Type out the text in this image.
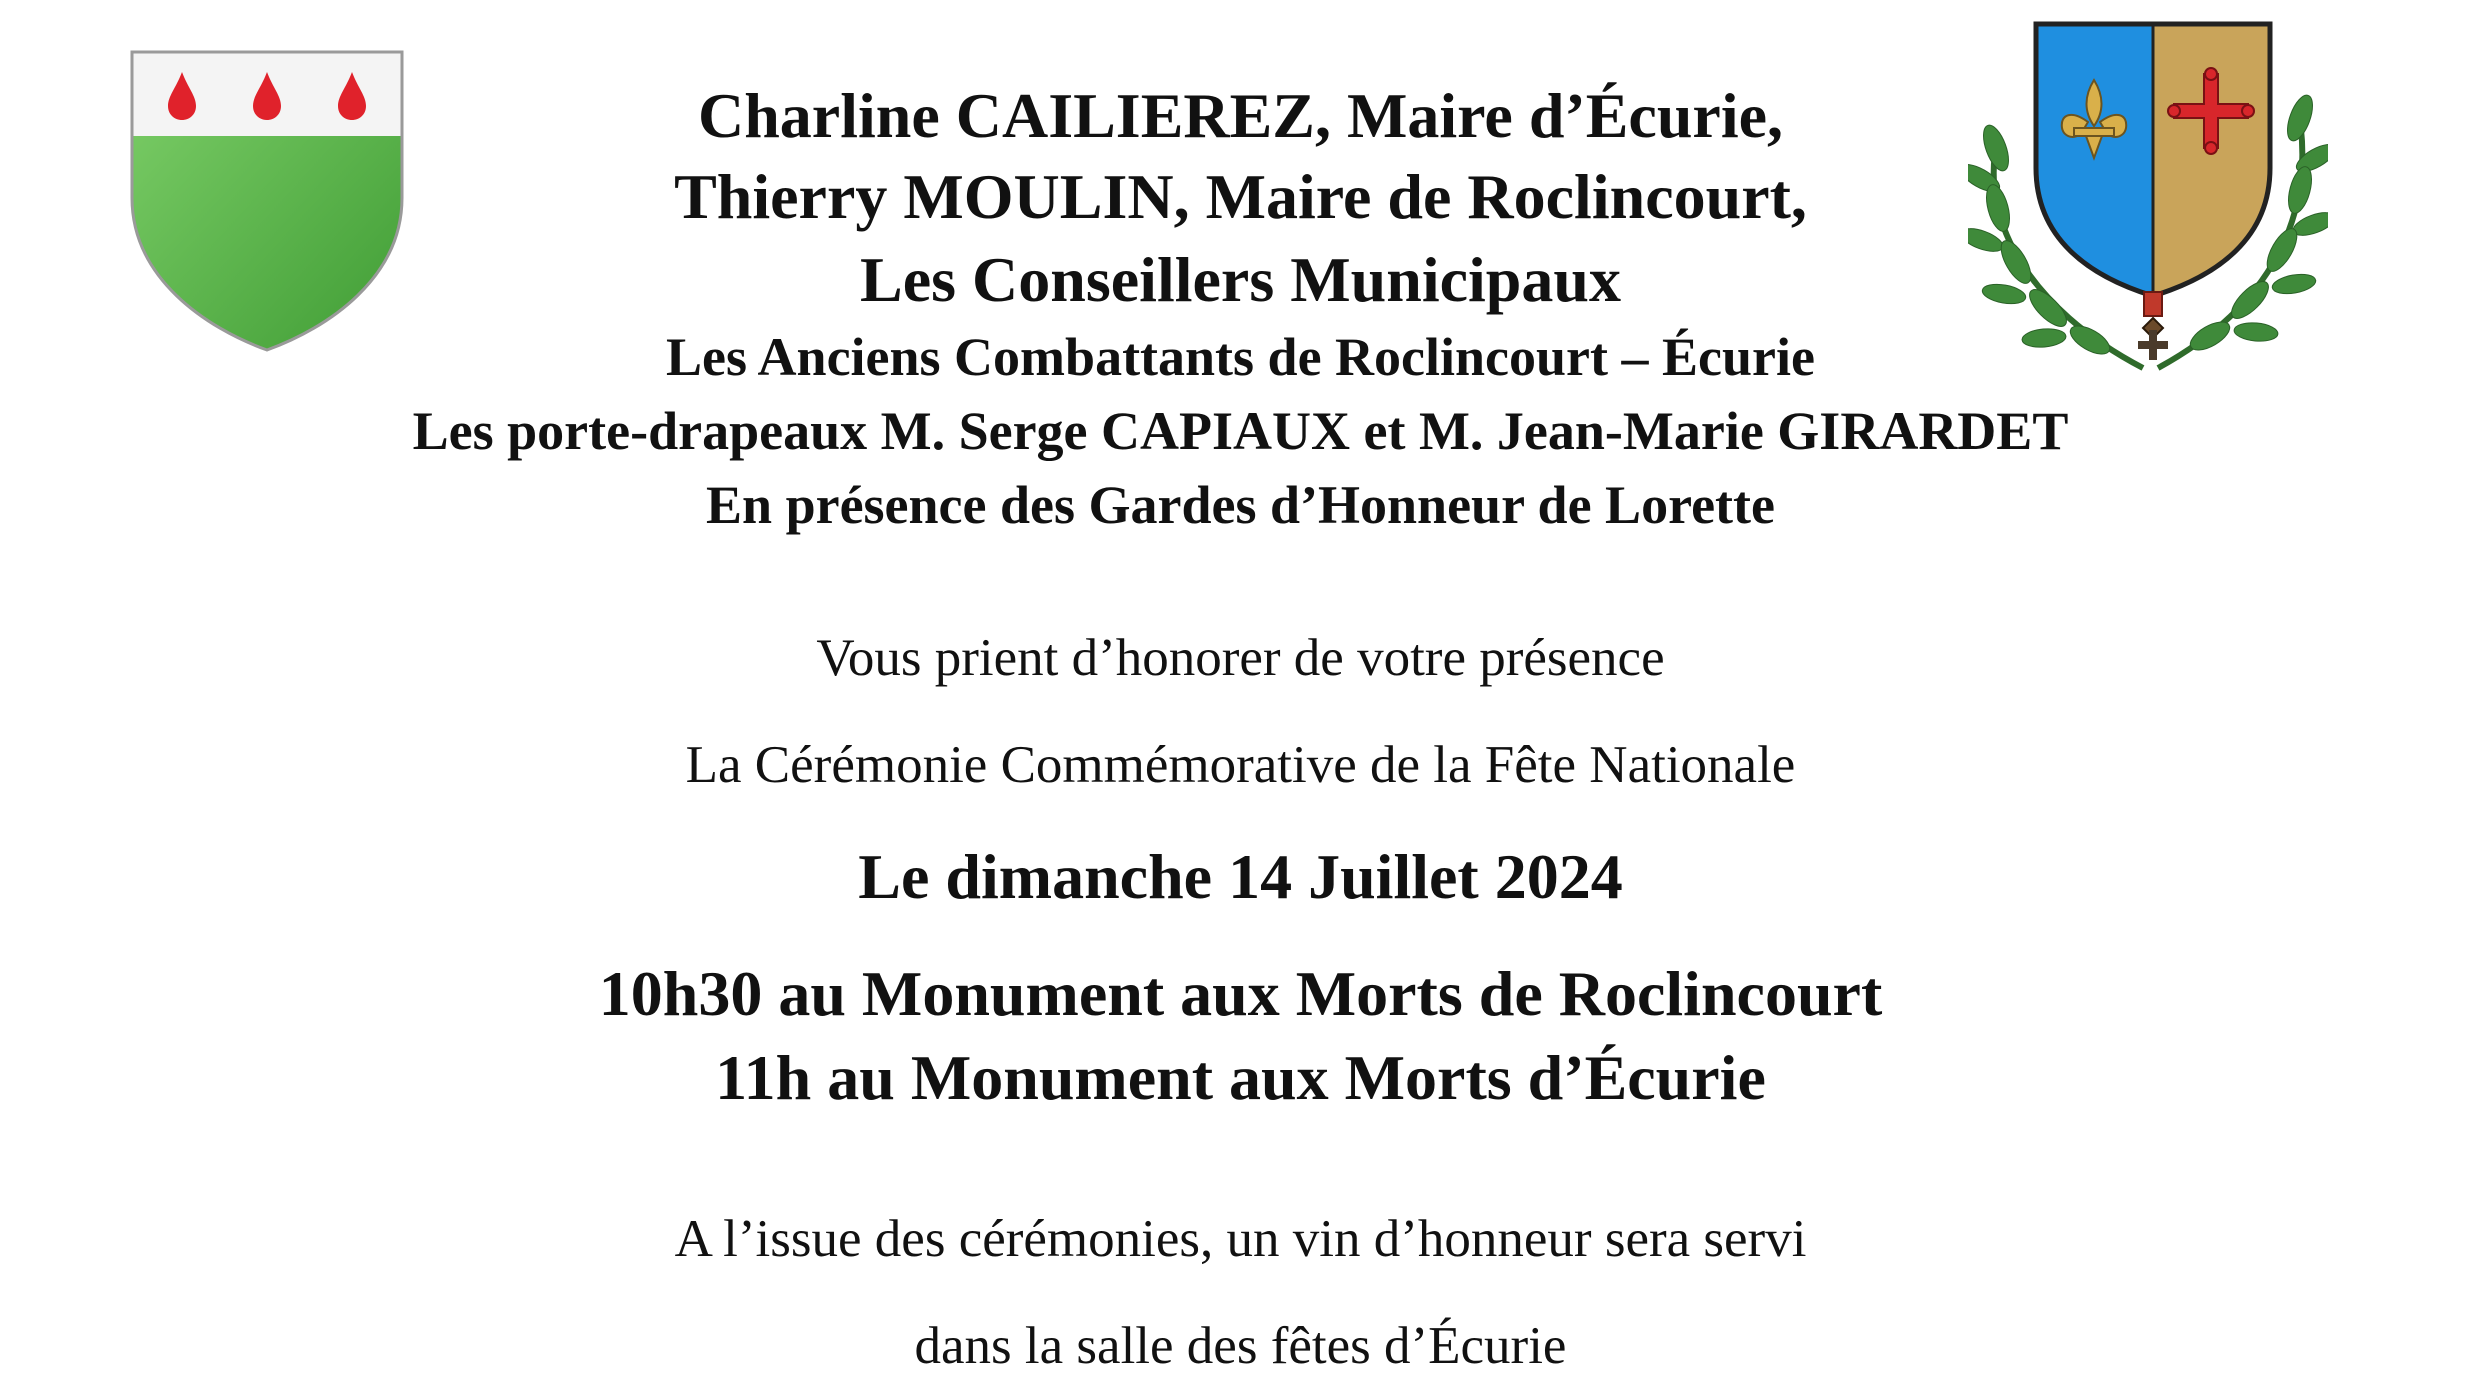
Charline CAILIEREZ, Maire d’Écurie,
Thierry MOULIN, Maire de Roclincourt,
Les Conseillers Municipaux
Les Anciens Combattants de Roclincourt – Écurie
Les porte-drapeaux M. Serge CAPIAUX et M. Jean-Marie GIRARDET
En présence des Gardes d’Honneur de Lorette
Vous prient d’honorer de votre présence
La Cérémonie Commémorative de la Fête Nationale
Le dimanche 14 Juillet 2024
10h30 au Monument aux Morts de Roclincourt
11h au Monument aux Morts d’Écurie
A l’issue des cérémonies, un vin d’honneur sera servi
dans la salle des fêtes d’Écurie
